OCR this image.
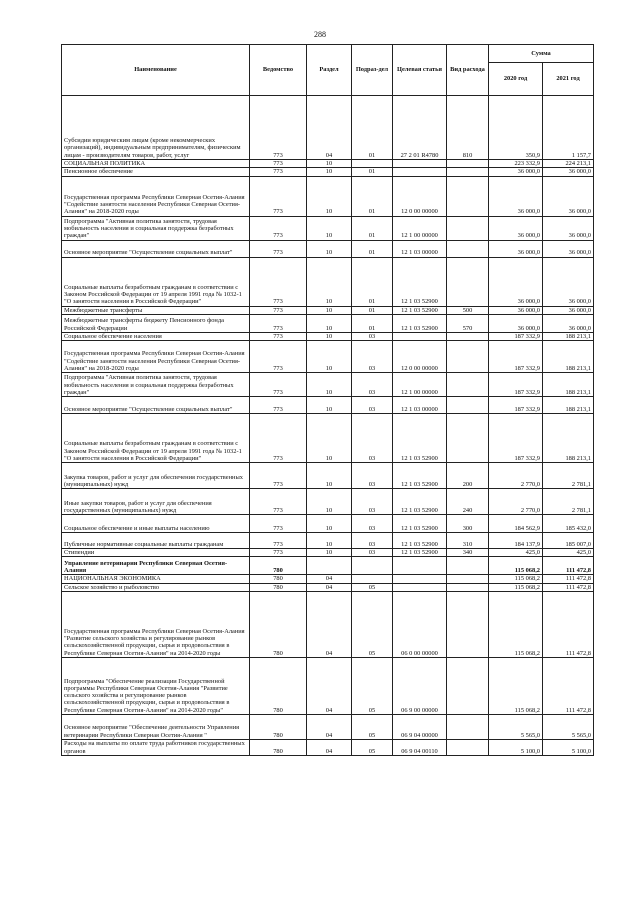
288
Наименование	Ведомство	Раздел	Подраз-дел	Целевая статья	Вид расхода	Сумма	
						2020 год	2021 год
Субсидии юридическим лицам (кроме некоммерческих организаций), индивидуальным предпринимателям, физическим лицам - производителям товаров, работ, услуг	773	04	01	27 2 01 R4780	810	350,9	1 157,7
СОЦИАЛЬНАЯ ПОЛИТИКА	773	10				223 332,9	224 213,1
Пенсионное обеспечение	773	10	01			36 000,0	36 000,0
Государственная программа Республики Северная Осетия-Алания "Содействие занятости населения Республики Северная Осетия-Алания" на 2018-2020 годы	773	10	01	12 0 00 00000		36 000,0	36 000,0
Подпрограмма "Активная политика занятости, трудовая мобильность населения и социальная поддержка безработных граждан"	773	10	01	12 1 00 00000		36 000,0	36 000,0
Основное мероприятие "Осуществление социальных выплат"	773	10	01	12 1 03 00000		36 000,0	36 000,0
Социальные выплаты безработным гражданам в соответствии с Законом Российской Федерации от 19 апреля 1991 года № 1032-1 "О занятости населения в Российской Федерации"	773	10	01	12 1 03 52900		36 000,0	36 000,0
Межбюджетные трансферты	773	10	01	12 1 03 52900	500	36 000,0	36 000,0
Межбюджетные трансферты бюджету Пенсионного фонда Российской Федерации	773	10	01	12 1 03 52900	570	36 000,0	36 000,0
Социальное обеспечение населения	773	10	03			187 332,9	188 213,1
Государственная программа Республики Северная Осетия-Алания "Содействие занятости населения Республики Северная Осетия-Алания" на 2018-2020 годы	773	10	03	12 0 00 00000		187 332,9	188 213,1
Подпрограмма "Активная политика занятости, трудовая мобильность населения и социальная поддержка безработных граждан"	773	10	03	12 1 00 00000		187 332,9	188 213,1
Основное мероприятие "Осуществление социальных выплат"	773	10	03	12 1 03 00000		187 332,9	188 213,1
Социальные выплаты безработным гражданам в соответствии с Законом Российской Федерации от 19 апреля 1991 года № 1032-1 "О занятости населения в Российской Федерации"	773	10	03	12 1 03 52900		187 332,9	188 213,1
Закупка товаров, работ и услуг для обеспечения государственных (муниципальных) нужд	773	10	03	12 1 03 52900	200	2 770,0	2 781,1
Иные закупки товаров, работ и услуг для обеспечения государственных (муниципальных) нужд	773	10	03	12 1 03 52900	240	2 770,0	2 781,1
Социальное обеспечение и иные выплаты населению	773	10	03	12 1 03 52900	300	184 562,9	185 432,0
Публичные нормативные социальные выплаты гражданам	773	10	03	12 1 03 52900	310	184 137,9	185 007,0
Стипендии	773	10	03	12 1 03 52900	340	425,0	425,0
Управление ветеринарии Республики Северная Осетия-Алания	780					115 068,2	111 472,8
НАЦИОНАЛЬНАЯ ЭКОНОМИКА	780	04				115 068,2	111 472,8
Сельское хозяйство и рыболовство	780	04	05			115 068,2	111 472,8
Государственная программа Республики Северная Осетия-Алания "Развитие сельского хозяйства и регулирование рынков сельскохозяйственной продукции, сырья и продовольствия в Республике Северная Осетия-Алания" на 2014-2020 годы	780	04	05	06 0 00 00000		115 068,2	111 472,8
Подпрограмма "Обеспечение реализации Государственной программы Республики Северная Осетия-Алания "Развитие сельского хозяйства и регулирование рынков сельскохозяйственной продукции, сырья и продовольствия в Республике Северная Осетия-Алания" на 2014-2020 годы"	780	04	05	06 9 00 00000		115 068,2	111 472,8
Основное мероприятие "Обеспечение деятельности Управления ветеринарии Республики Северная Осетия-Алания "	780	04	05	06 9 04 00000		5 565,0	5 565,0
Расходы на выплаты по оплате труда работников государственных органов	780	04	05	06 9 04 00110		5 100,0	5 100,0
